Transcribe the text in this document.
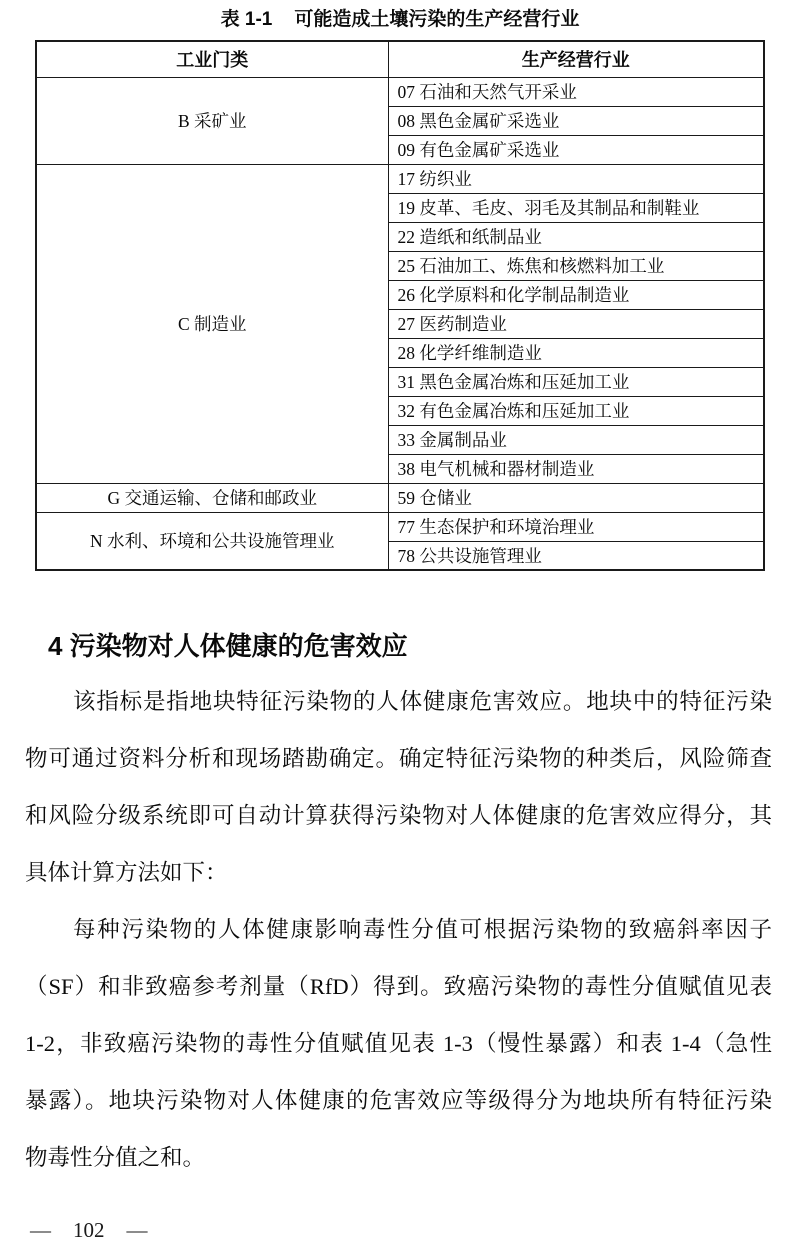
表 1-1 可能造成土壤污染的生产经营行业
工业门类	生产经营行业
B 采矿业	07 石油和天然气开采业
	08 黑色金属矿采选业
	09 有色金属矿采选业
C 制造业	17 纺织业
	19 皮革、毛皮、羽毛及其制品和制鞋业
	22 造纸和纸制品业
	25 石油加工、炼焦和核燃料加工业
	26 化学原料和化学制品制造业
	27 医药制造业
	28 化学纤维制造业
	31 黑色金属冶炼和压延加工业
	32 有色金属冶炼和压延加工业
	33 金属制品业
	38 电气机械和器材制造业
G 交通运输、仓储和邮政业	59 仓储业
N 水利、环境和公共设施管理业	77 生态保护和环境治理业
	78 公共设施管理业
4 污染物对人体健康的危害效应
该指标是指地块特征污染物的人体健康危害效应。地块中的特征污染
物可通过资料分析和现场踏勘确定。确定特征污染物的种类后，风险筛查
和风险分级系统即可自动计算获得污染物对人体健康的危害效应得分，其
具体计算方法如下：
每种污染物的人体健康影响毒性分值可根据污染物的致癌斜率因子
（SF）和非致癌参考剂量（RfD）得到。致癌污染物的毒性分值赋值见表
1-2，非致癌污染物的毒性分值赋值见表 1-3（慢性暴露）和表 1-4（急性
暴露）。地块污染物对人体健康的危害效应等级得分为地块所有特征污染
物毒性分值之和。
— 102 —
